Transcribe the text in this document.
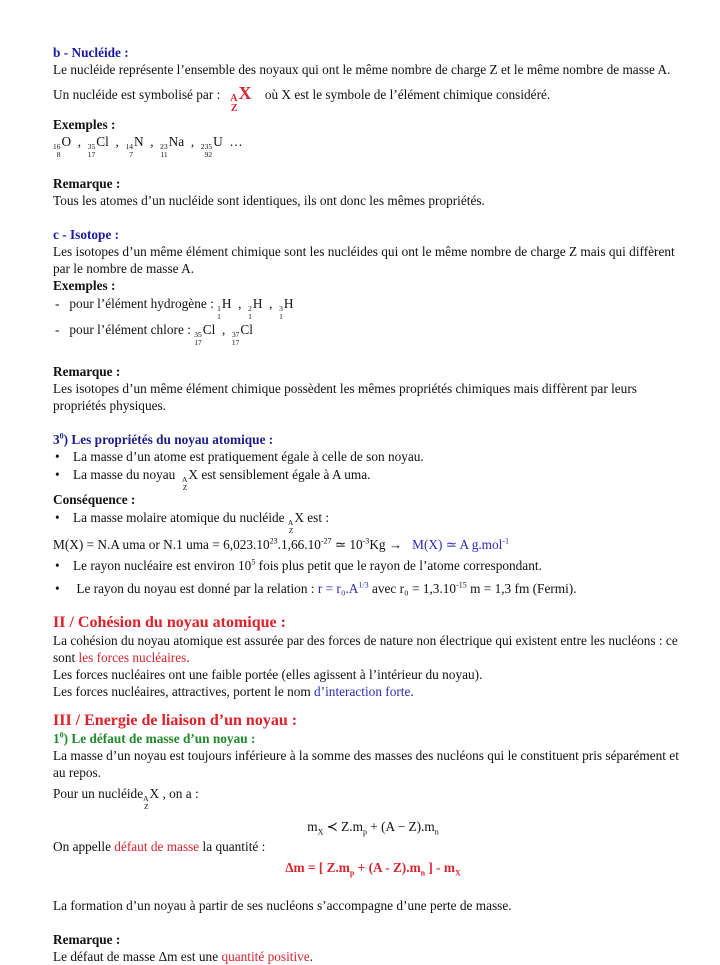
b - Nucléide :

Le nucléide représente l’ensemble des noyaux qui ont le même nombre de charge Z et le même nombre de masse A.

Un nucléide est symbolisé par : A
Z
X où X est le symbole de l’élément chimique considéré.

Exemples :

16
8
O  , 35
17
Cl  , 14
7
N  , 23
11
Na  , 235
92
U …

Remarque :

Tous les atomes d’un nucléide sont identiques, ils ont donc les mêmes propriétés.

c - Isotope :

Les isotopes d’un même élément chimique sont les nucléides qui ont le même nombre de charge Z mais qui diffèrent par le nombre de masse A.

Exemples :

-   pour l’élément hydrogène : 1
1
H  , 2
1
H  , 3
1
H

-   pour l’élément chlore : 35
17
Cl  , 37
17
Cl

Remarque :

Les isotopes d’un même élément chimique possèdent les mêmes propriétés chimiques mais diffèrent par leurs propriétés physiques.

$3^0$) Les propriétés du noyau atomique :

• La masse d’un atome est pratiquement égale à celle de son noyau.

• La masse du noyau A
Z
X est sensiblement égale à A uma.

Conséquence :

• La masse molaire atomique du nucléide A
Z
X est :

M(X) = N.A uma or N.1 uma = $6,023.10^{23}.1,66.10^{-27}$ ≃ $10^{-3}Kg \to M(X)$ ≃ A g.mol$^{-1}$

• Le rayon nucléaire est environ $10^5$ fois plus petit que le rayon de l’atome correspondant.

• Le rayon du noyau est donné par la relation : $r = r_0.A^{1/3}$ avec $r_0 = 1,3.10^{-15}$ m = 1,3 fm (Fermi).

II / Cohésion du noyau atomique :

La cohésion du noyau atomique est assurée par des forces de nature non électrique qui existent entre les nucléons : ce sont les forces nucléaires.

Les forces nucléaires ont une faible portée (elles agissent à l’intérieur du noyau).

Les forces nucléaires, attractives, portent le nom d’interaction forte.

III / Energie de liaison d’un noyau :

$1^0$) Le défaut de masse d’un noyau :

La masse d’un noyau est toujours inférieure à la somme des masses des nucléons qui le constituent pris séparément et au repos.

Pour un nucléide A
Z
X , on a :

$m_X$ ≺ $Z.m_p + (A - Z).m_n$

On appelle défaut de masse la quantité :

Δm = [ $Z.m_p + (A - Z).m_n$ ] - $m_X$

La formation d’un noyau à partir de ses nucléons s’accompagne d’une perte de masse.

Remarque :

Le défaut de masse Δm est une quantité positive.
